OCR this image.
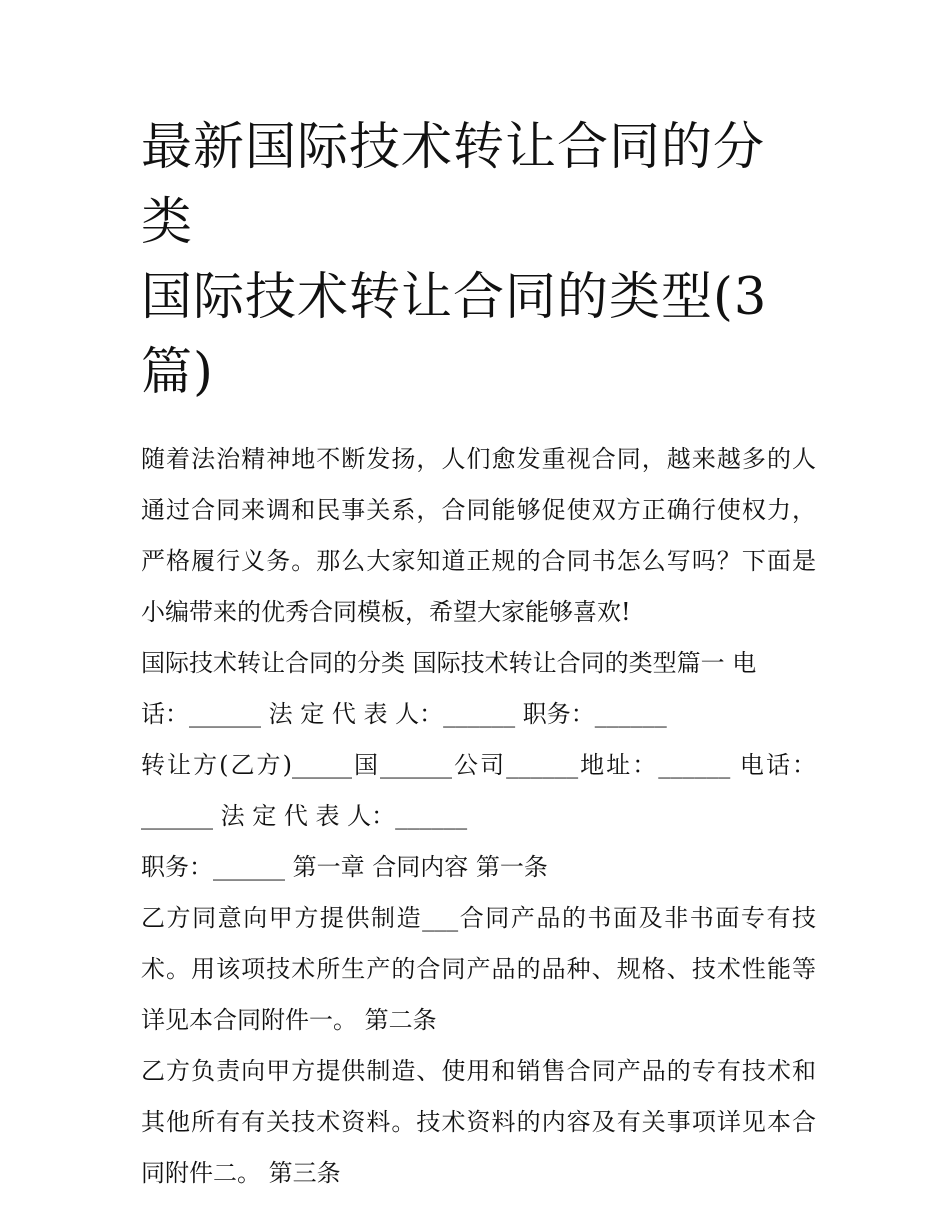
最新国际技术转让合同的分类
国际技术转让合同的类型(3
篇)

随着法治精神地不断发扬，人们愈发重视合同，越来越多的人

通过合同来调和民事关系，合同能够促使双方正确行使权力，

严格履行义务。那么大家知道正规的合同书怎么写吗？下面是

小编带来的优秀合同模板，希望大家能够喜欢!

国际技术转让合同的分类 国际技术转让合同的类型篇一 电

话：______ 法 定 代 表 人：______ 职务：______

转让方(乙方)_____国______公司______地址：______ 电话：

______ 法 定 代 表 人：______

职务：______ 第一章 合同内容 第一条

乙方同意向甲方提供制造___合同产品的书面及非书面专有技

术。用该项技术所生产的合同产品的品种、规格、技术性能等

详见本合同附件一。 第二条

乙方负责向甲方提供制造、使用和销售合同产品的专有技术和

其他所有有关技术资料。技术资料的内容及有关事项详见本合

同附件二。 第三条
